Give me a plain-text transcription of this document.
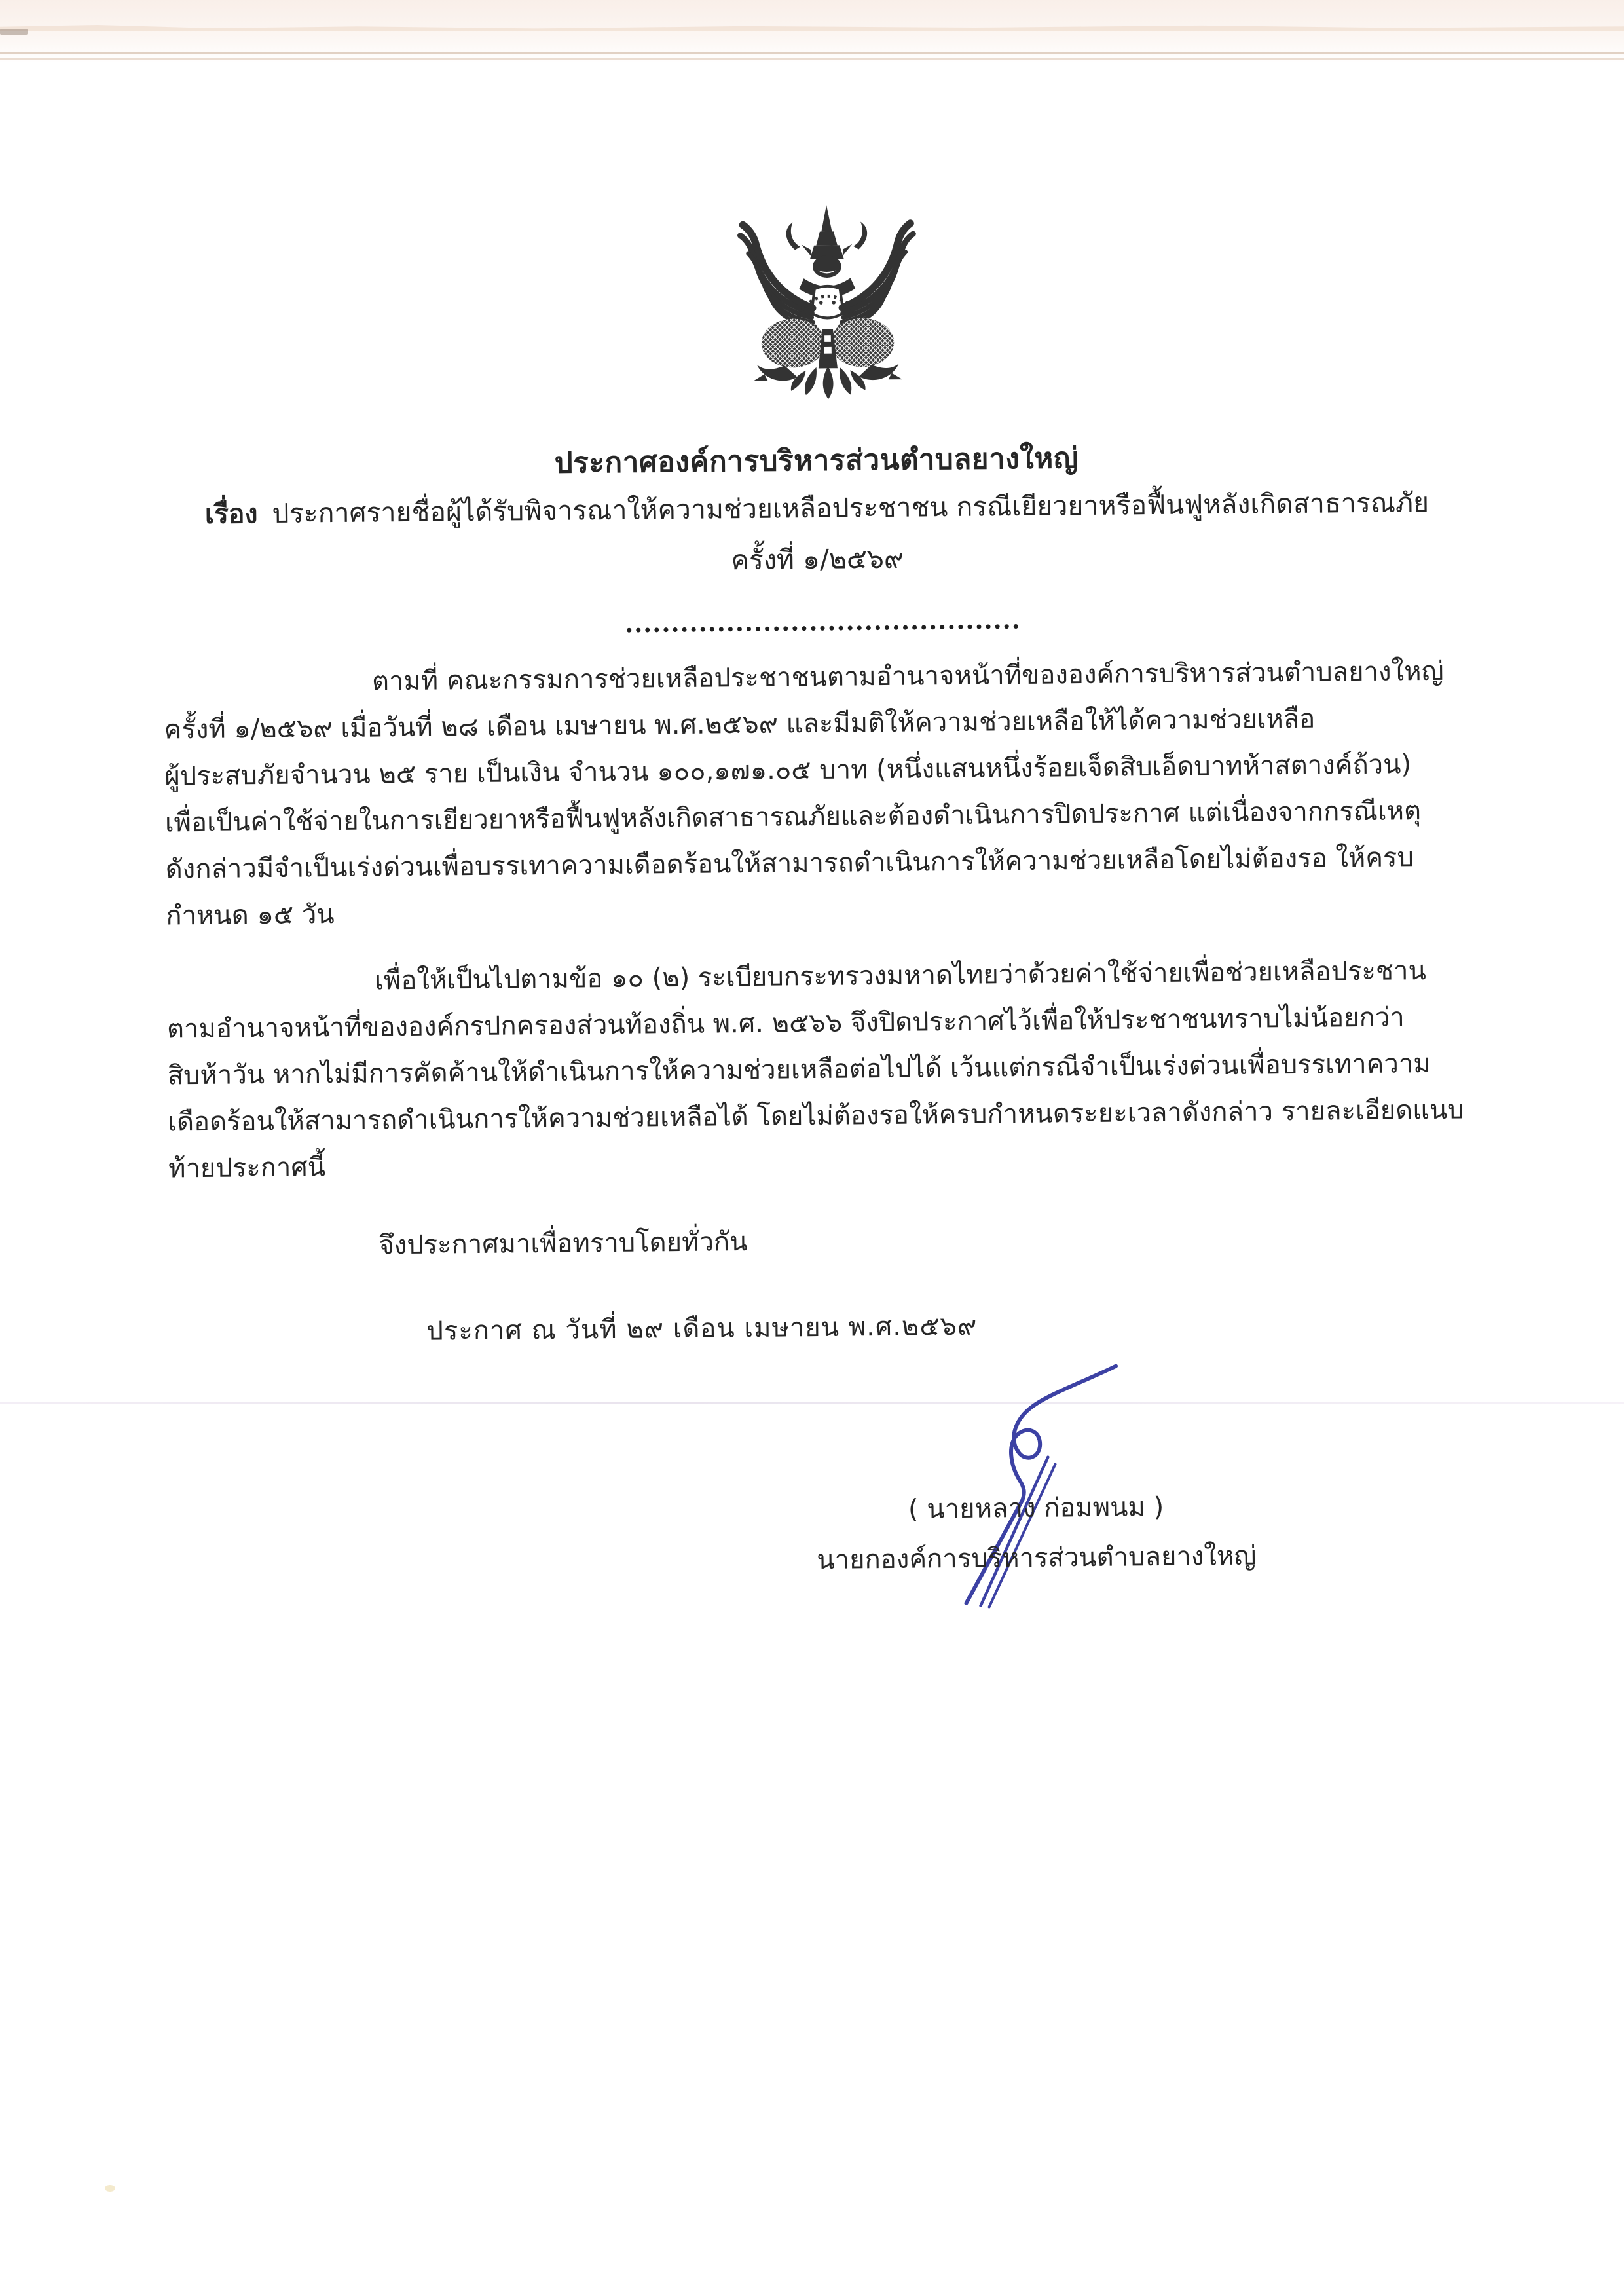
ประกาศองค์การบริหารส่วนตำบลยางใหญ่
เรื่อง ประกาศรายชื่อผู้ได้รับพิจารณาให้ความช่วยเหลือประชาชน กรณีเยียวยาหรือฟื้นฟูหลังเกิดสาธารณภัย
ครั้งที่ ๑/๒๕๖๙
ตามที่ คณะกรรมการช่วยเหลือประชาชนตามอำนาจหน้าที่ขององค์การบริหารส่วนตำบลยางใหญ่
ครั้งที่ ๑/๒๕๖๙ เมื่อวันที่ ๒๘ เดือน เมษายน พ.ศ.๒๕๖๙ และมีมติให้ความช่วยเหลือให้ได้ความช่วยเหลือ
ผู้ประสบภัยจำนวน ๒๕ ราย เป็นเงิน จำนวน ๑๐๐,๑๗๑.๐๕ บาท (หนึ่งแสนหนึ่งร้อยเจ็ดสิบเอ็ดบาทห้าสตางค์ถ้วน)
เพื่อเป็นค่าใช้จ่ายในการเยียวยาหรือฟื้นฟูหลังเกิดสาธารณภัยและต้องดำเนินการปิดประกาศ แต่เนื่องจากกรณีเหตุ
ดังกล่าวมีจำเป็นเร่งด่วนเพื่อบรรเทาความเดือดร้อนให้สามารถดำเนินการให้ความช่วยเหลือโดยไม่ต้องรอ ให้ครบ
กำหนด ๑๕ วัน
เพื่อให้เป็นไปตามข้อ ๑๐ (๒) ระเบียบกระทรวงมหาดไทยว่าด้วยค่าใช้จ่ายเพื่อช่วยเหลือประชาน
ตามอำนาจหน้าที่ขององค์กรปกครองส่วนท้องถิ่น พ.ศ. ๒๕๖๖ จึงปิดประกาศไว้เพื่อให้ประชาชนทราบไม่น้อยกว่า
สิบห้าวัน หากไม่มีการคัดค้านให้ดำเนินการให้ความช่วยเหลือต่อไปได้ เว้นแต่กรณีจำเป็นเร่งด่วนเพื่อบรรเทาความ
เดือดร้อนให้สามารถดำเนินการให้ความช่วยเหลือได้ โดยไม่ต้องรอให้ครบกำหนดระยะเวลาดังกล่าว รายละเอียดแนบ
ท้ายประกาศนี้
จึงประกาศมาเพื่อทราบโดยทั่วกัน
ประกาศ ณ วันที่ ๒๙ เดือน เมษายน พ.ศ.๒๕๖๙
( นายหลาง ก่อมพนม )
นายกองค์การบริหารส่วนตำบลยางใหญ่
